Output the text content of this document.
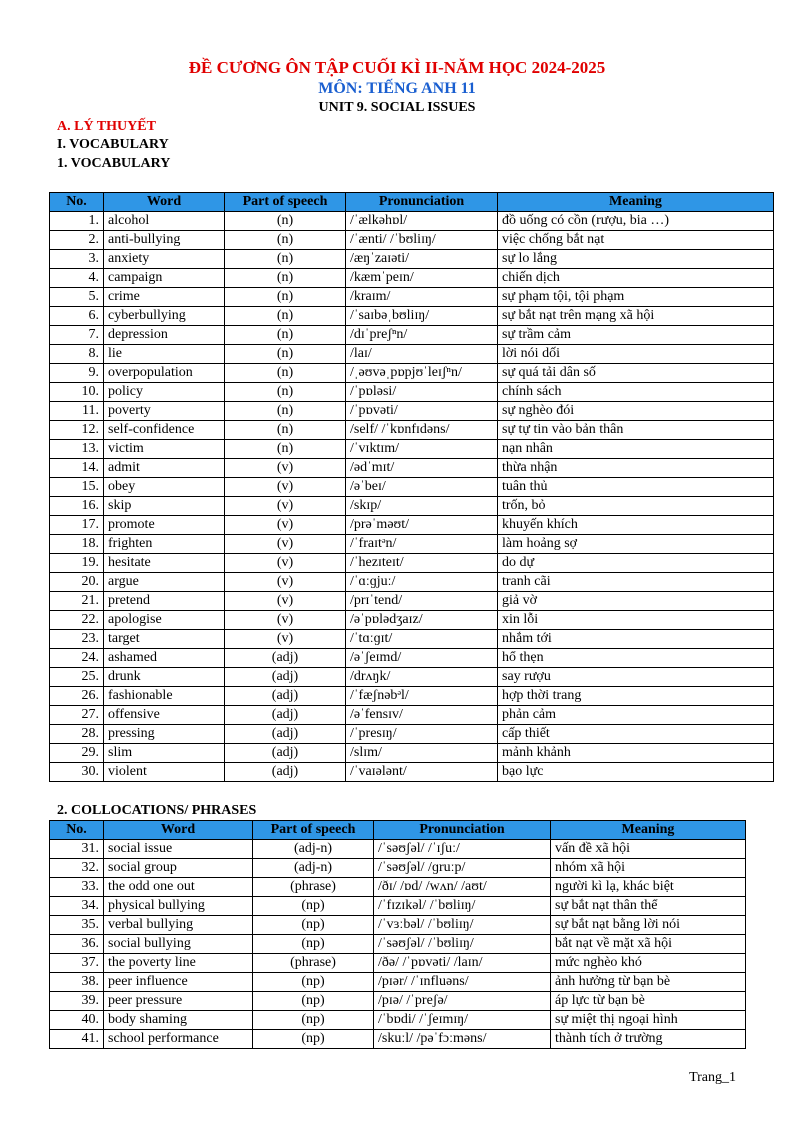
ĐỀ CƯƠNG ÔN TẬP CUỐI KÌ II-NĂM HỌC 2024-2025
MÔN: TIẾNG ANH 11
UNIT 9. SOCIAL ISSUES
A. LÝ THUYẾT
I. VOCABULARY
1. VOCABULARY
No.	Word	Part of speech	Pronunciation	Meaning
1.	alcohol	(n)	/ˈælkəhɒl/	đồ uống có cồn (rượu, bia …)
2.	anti-bullying	(n)	/ˈænti/ /ˈbʊliɪŋ/	việc chống bắt nạt
3.	anxiety	(n)	/æŋˈzaɪəti/	sự lo lắng
4.	campaign	(n)	/kæmˈpeɪn/	chiến dịch
5.	crime	(n)	/kraɪm/	sự phạm tội, tội phạm
6.	cyberbullying	(n)	/ˈsaɪbəˌbʊliɪŋ/	sự bắt nạt trên mạng xã hội
7.	depression	(n)	/dɪˈpreʃⁿn/	sự trầm cảm
8.	lie	(n)	/laɪ/	lời nói dối
9.	overpopulation	(n)	/ˌəʊvəˌpɒpjʊˈleɪʃⁿn/	sự quá tải dân số
10.	policy	(n)	/ˈpɒləsi/	chính sách
11.	poverty	(n)	/ˈpɒvəti/	sự nghèo đói
12.	self-confidence	(n)	/self/ /ˈkɒnfɪdəns/	sự tự tin vào bản thân
13.	victim	(n)	/ˈvɪktɪm/	nạn nhân
14.	admit	(v)	/ədˈmɪt/	thừa nhận
15.	obey	(v)	/əˈbeɪ/	tuân thủ
16.	skip	(v)	/skɪp/	trốn, bỏ
17.	promote	(v)	/prəˈməʊt/	khuyến khích
18.	frighten	(v)	/ˈfraɪtᵊn/	làm hoảng sợ
19.	hesitate	(v)	/ˈhezɪteɪt/	do dự
20.	argue	(v)	/ˈɑːɡjuː/	tranh cãi
21.	pretend	(v)	/prɪˈtend/	giả vờ
22.	apologise	(v)	/əˈpɒlədʒaɪz/	xin lỗi
23.	target	(v)	/ˈtɑːɡɪt/	nhắm tới
24.	ashamed	(adj)	/əˈʃeɪmd/	hổ thẹn
25.	drunk	(adj)	/drʌŋk/	say rượu
26.	fashionable	(adj)	/ˈfæʃnəbᵊl/	hợp thời trang
27.	offensive	(adj)	/əˈfensɪv/	phản cảm
28.	pressing	(adj)	/ˈpresɪŋ/	cấp thiết
29.	slim	(adj)	/slɪm/	mảnh khảnh
30.	violent	(adj)	/ˈvaɪələnt/	bạo lực
2. COLLOCATIONS/ PHRASES
No.	Word	Part of speech	Pronunciation	Meaning
31.	social issue	(adj-n)	/ˈsəʊʃəl/ /ˈɪʃuː/	vấn đề xã hội
32.	social group	(adj-n)	/ˈsəʊʃəl/ /ɡruːp/	nhóm xã hội
33.	the odd one out	(phrase)	/ðɪ/ /ɒd/ /wʌn/ /aʊt/	người kì lạ, khác biệt
34.	physical bullying	(np)	/ˈfɪzɪkəl/ /ˈbʊliɪŋ/	sự bắt nạt thân thể
35.	verbal bullying	(np)	/ˈvɜːbəl/ /ˈbʊliɪŋ/	sự bắt nạt bằng lời nói
36.	social bullying	(np)	/ˈsəʊʃəl/ /ˈbʊliɪŋ/	bắt nạt về mặt xã hội
37.	the poverty line	(phrase)	/ðə/ /ˈpɒvəti/ /laɪn/	mức nghèo khó
38.	peer influence	(np)	/pɪər/ /ˈɪnfluəns/	ảnh hưởng từ bạn bè
39.	peer pressure	(np)	/pɪə/ /ˈpreʃə/	áp lực từ bạn bè
40.	body shaming	(np)	/ˈbɒdi/ /ˈʃeɪmɪŋ/	sự miệt thị ngoại hình
41.	school performance	(np)	/skuːl/ /pəˈfɔːməns/	thành tích ở trường
Trang_1
